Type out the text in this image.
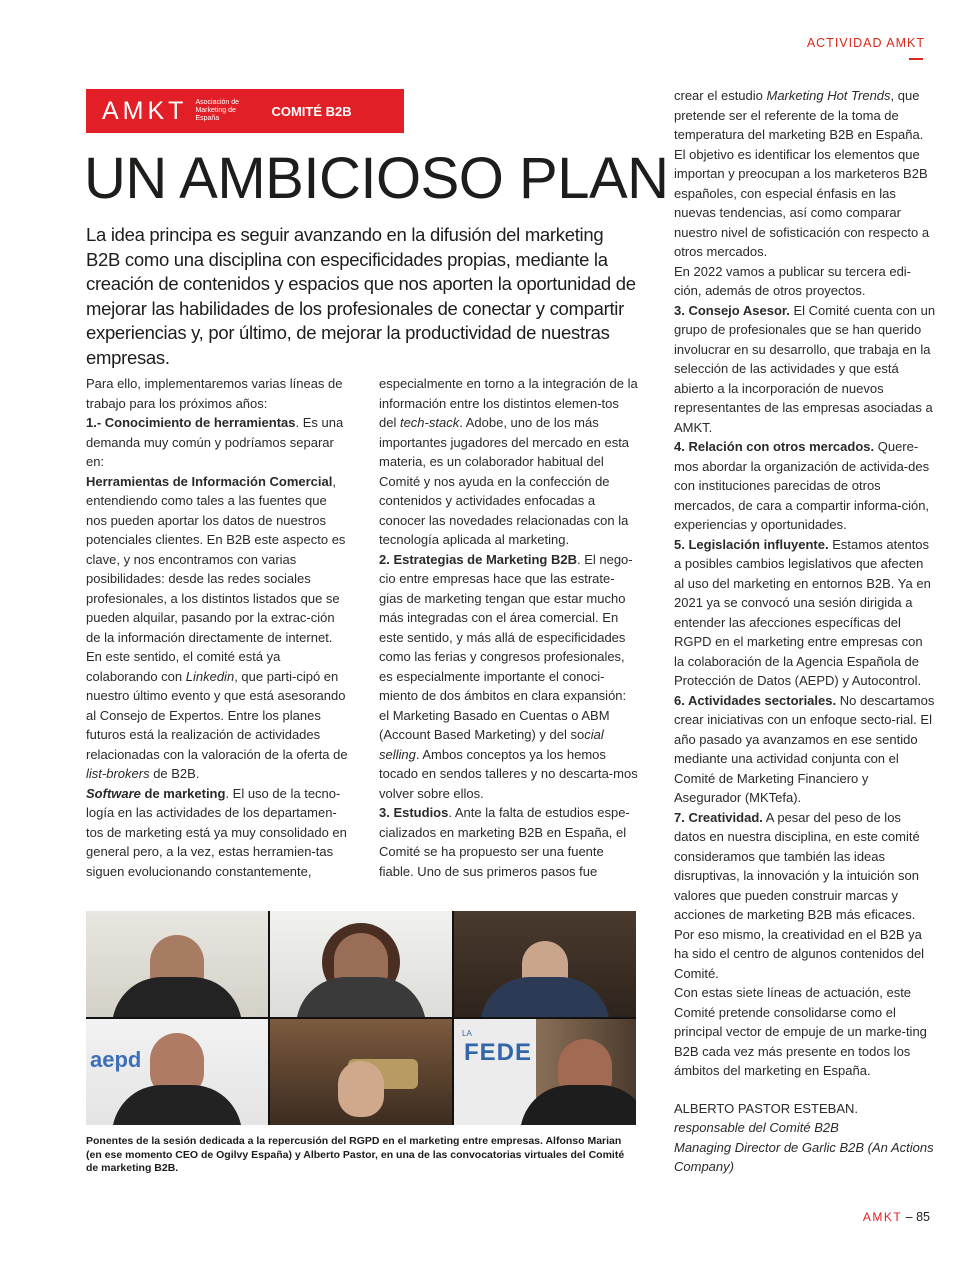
ACTIVIDAD AMKT
AMKT Asociación de Marketing de España	COMITÉ B2B
UN AMBICIOSO PLAN

La idea principa es seguir avanzando en la difusión del marketing B2B como una disciplina con especificidades propias, mediante la creación de contenidos y espacios que nos aporten la oportunidad de mejorar las habilidades de los profesionales de conectar y compartir experiencias y, por último, de mejorar la productividad de nuestras empresas.

Para ello, implementaremos varias líneas de trabajo para los próximos años:
1.- Conocimiento de herramientas. Es una demanda muy común y podríamos separar en:

Herramientas de Información Comercial, entendiendo como tales a las fuentes que nos pueden aportar los datos de nuestros potenciales clientes. En B2B este aspecto es clave, y nos encontramos con varias posibilidades: desde las redes sociales profesionales, a los distintos listados que se pueden alquilar, pasando por la extrac-ción de la información directamente de internet. En este sentido, el comité está ya colaborando con Linkedin, que parti-cipó en nuestro último evento y que está asesorando al Consejo de Expertos. Entre los planes futuros está la realización de actividades relacionadas con la valoración de la oferta de list-brokers de B2B.

Software de marketing. El uso de la tecno-logía en las actividades de los departamen-tos de marketing está ya muy consolidado en general pero, a la vez, estas herramien-tas siguen evolucionando constantemente,

especialmente en torno a la integración de la información entre los distintos elemen-tos del tech-stack. Adobe, uno de los más importantes jugadores del mercado en esta materia, es un colaborador habitual del Comité y nos ayuda en la confección de contenidos y actividades enfocadas a conocer las novedades relacionadas con la tecnología aplicada al marketing.

2. Estrategias de Marketing B2B. El nego-cio entre empresas hace que las estrate-gias de marketing tengan que estar mucho más integradas con el área comercial. En este sentido, y más allá de especificidades como las ferias y congresos profesionales, es especialmente importante el conoci-miento de dos ámbitos en clara expansión: el Marketing Basado en Cuentas o ABM (Account Based Marketing) y del social selling. Ambos conceptos ya los hemos tocado en sendos talleres y no descarta-mos volver sobre ellos.

3. Estudios. Ante la falta de estudios espe-cializados en marketing B2B en España, el Comité se ha propuesto ser una fuente fiable. Uno de sus primeros pasos fue

crear el estudio Marketing Hot Trends, que pretende ser el referente de la toma de temperatura del marketing B2B en España. El objetivo es identificar los elementos que importan y preocupan a los marketeros B2B españoles, con especial énfasis en las nuevas tendencias, así como comparar nuestro nivel de sofisticación con respecto a otros mercados.

En 2022 vamos a publicar su tercera edi-ción, además de otros proyectos.

3. Consejo Asesor. El Comité cuenta con un grupo de profesionales que se han querido involucrar en su desarrollo, que trabaja en la selección de las actividades y que está abierto a la incorporación de nuevos representantes de las empresas asociadas a AMKT.

4. Relación con otros mercados. Quere-mos abordar la organización de activida-des con instituciones parecidas de otros mercados, de cara a compartir informa-ción, experiencias y oportunidades.

5. Legislación influyente. Estamos atentos a posibles cambios legislativos que afecten al uso del marketing en entornos B2B. Ya en 2021 ya se convocó una sesión dirigida a entender las afecciones específicas del RGPD en el marketing entre empresas con la colaboración de la Agencia Española de Protección de Datos (AEPD) y Autocontrol.

6. Actividades sectoriales. No descartamos crear iniciativas con un enfoque secto-rial. El año pasado ya avanzamos en ese sentido mediante una actividad conjunta con el Comité de Marketing Financiero y Asegurador (MKTefa).

7. Creatividad. A pesar del peso de los datos en nuestra disciplina, en este comité consideramos que también las ideas disruptivas, la innovación y la intuición son valores que pueden construir marcas y acciones de marketing B2B más eficaces. Por eso mismo, la creatividad en el B2B ya ha sido el centro de algunos contenidos del Comité.

Con estas siete líneas de actuación, este Comité pretende consolidarse como el principal vector de empuje de un marke-ting B2B cada vez más presente en todos los ámbitos del marketing en España.

ALBERTO PASTOR ESTEBAN.

responsable del Comité B2B

Managing Director de Garlic B2B (An Actions Company)

aepd
LA
FEDE

Ponentes de la sesión dedicada a la repercusión del RGPD en el marketing entre empresas. Alfonso Marian (en ese momento CEO de Ogilvy España) y Alberto Pastor, en una de las convocatorias virtuales del Comité de marketing B2B.

AMKT – 85
